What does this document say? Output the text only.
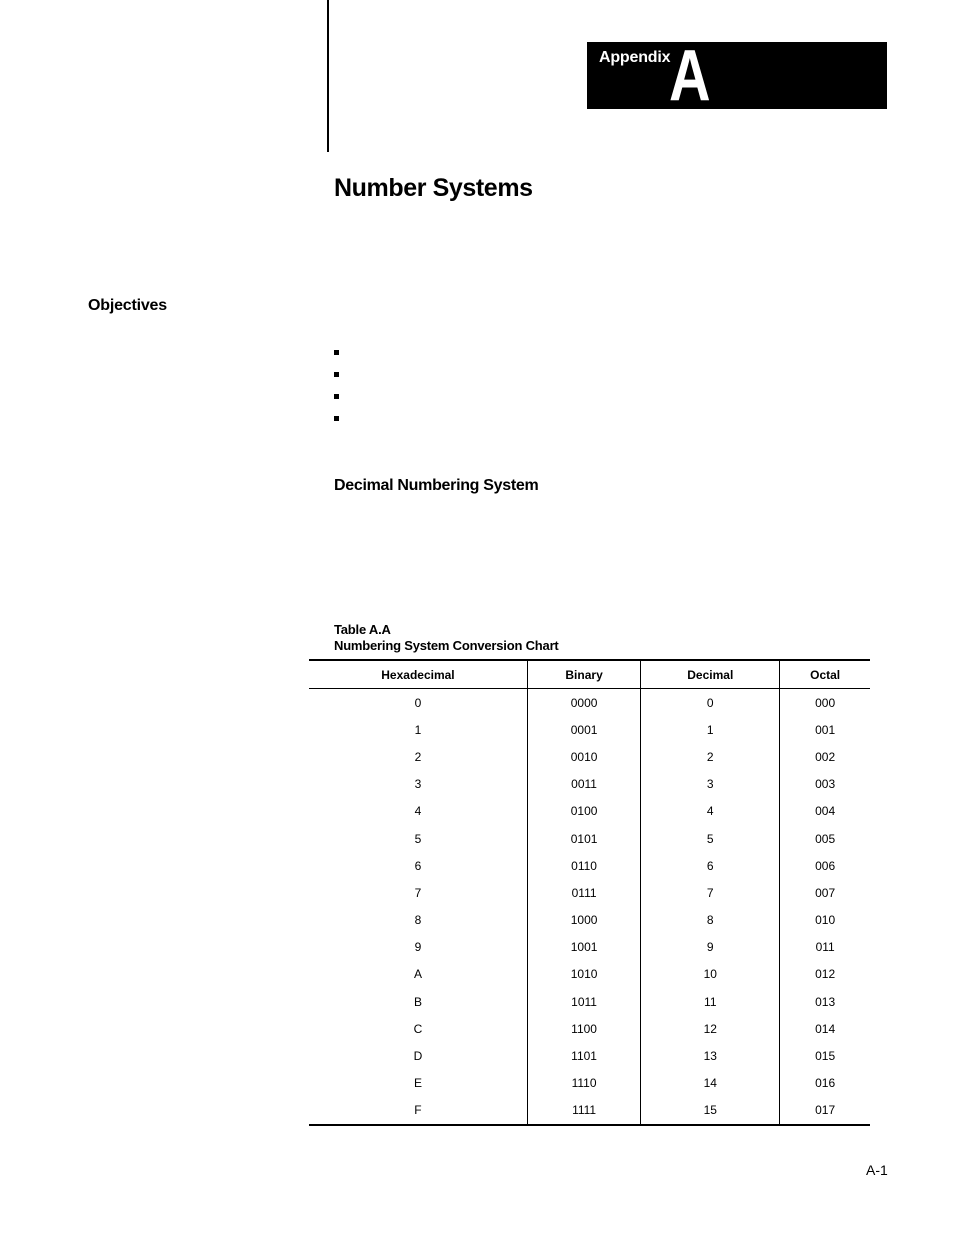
Appendix
A
Number Systems
Objectives
Decimal Numbering System
Table A.A
Numbering System Conversion Chart
Hexadecimal	Binary	Decimal	Octal
0	0000	0	000
1	0001	1	001
2	0010	2	002
3	0011	3	003
4	0100	4	004
5	0101	5	005
6	0110	6	006
7	0111	7	007
8	1000	8	010
9	1001	9	011
A	1010	10	012
B	1011	11	013
C	1100	12	014
D	1101	13	015
E	1110	14	016
F	1111	15	017
A-1
